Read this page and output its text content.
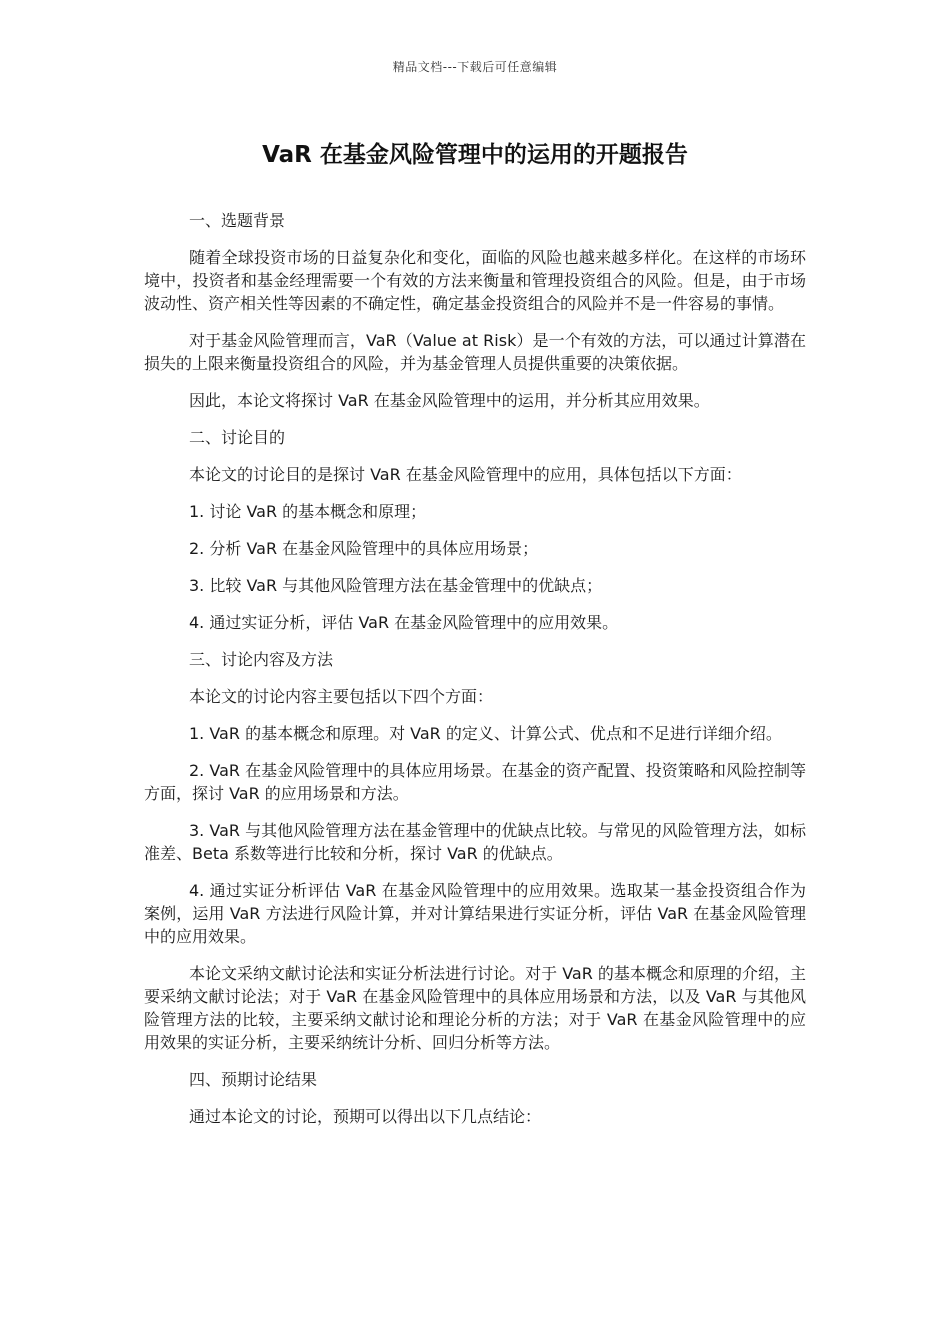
精品文档---下载后可任意编辑
VaR 在基金风险管理中的运用的开题报告

一、选题背景

随着全球投资市场的日益复杂化和变化，面临的风险也越来越多样化。在这样的市场环境中，投资者和基金经理需要一个有效的方法来衡量和管理投资组合的风险。但是，由于市场波动性、资产相关性等因素的不确定性，确定基金投资组合的风险并不是一件容易的事情。

对于基金风险管理而言，VaR（Value at Risk）是一个有效的方法，可以通过计算潜在损失的上限来衡量投资组合的风险，并为基金管理人员提供重要的决策依据。

因此，本论文将探讨 VaR 在基金风险管理中的运用，并分析其应用效果。

二、讨论目的

本论文的讨论目的是探讨 VaR 在基金风险管理中的应用，具体包括以下方面：

1. 讨论 VaR 的基本概念和原理；

2. 分析 VaR 在基金风险管理中的具体应用场景；

3. 比较 VaR 与其他风险管理方法在基金管理中的优缺点；

4. 通过实证分析，评估 VaR 在基金风险管理中的应用效果。

三、讨论内容及方法

本论文的讨论内容主要包括以下四个方面：

1. VaR 的基本概念和原理。对 VaR 的定义、计算公式、优点和不足进行详细介绍。

2. VaR 在基金风险管理中的具体应用场景。在基金的资产配置、投资策略和风险控制等方面，探讨 VaR 的应用场景和方法。

3. VaR 与其他风险管理方法在基金管理中的优缺点比较。与常见的风险管理方法，如标准差、Beta 系数等进行比较和分析，探讨 VaR 的优缺点。

4. 通过实证分析评估 VaR 在基金风险管理中的应用效果。选取某一基金投资组合作为案例，运用 VaR 方法进行风险计算，并对计算结果进行实证分析，评估 VaR 在基金风险管理中的应用效果。

本论文采纳文献讨论法和实证分析法进行讨论。对于 VaR 的基本概念和原理的介绍，主要采纳文献讨论法；对于 VaR 在基金风险管理中的具体应用场景和方法，以及 VaR 与其他风险管理方法的比较，主要采纳文献讨论和理论分析的方法；对于 VaR 在基金风险管理中的应用效果的实证分析，主要采纳统计分析、回归分析等方法。

四、预期讨论结果

通过本论文的讨论，预期可以得出以下几点结论：
